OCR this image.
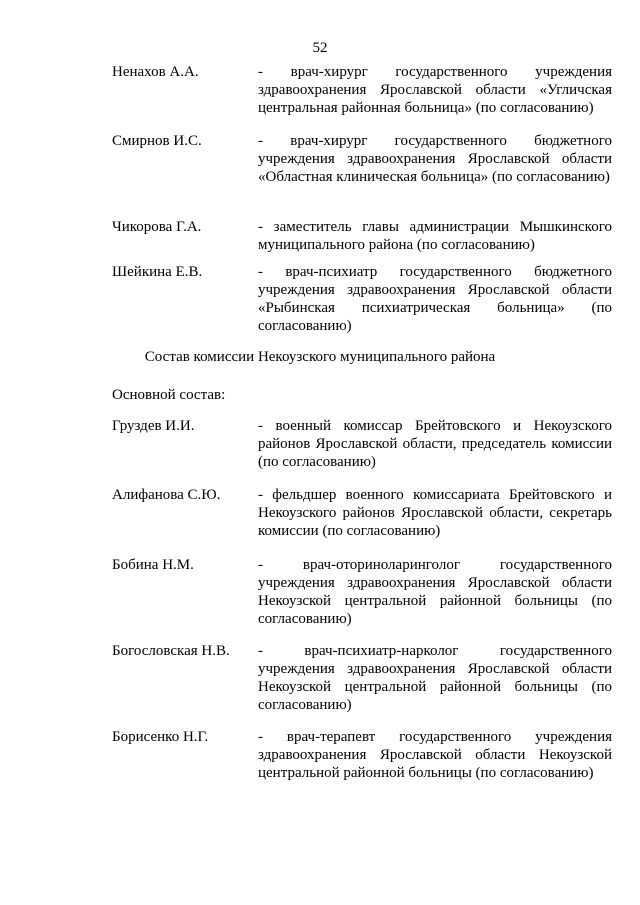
52
Ненахов А.А.	- врач-хирург государственного учреждения здравоохранения Ярославской области «Угличская центральная районная больница» (по согласованию)
Смирнов И.С.	- врач-хирург государственного бюджетного учреждения здравоохранения Ярославской области «Областная клиническая больница» (по согласованию)
Чикорова Г.А.	- заместитель главы администрации Мышкинского муниципального района (по согласованию)
Шейкина Е.В.	- врач-психиатр государственного бюджетного учреждения здравоохранения Ярославской области «Рыбинская психиатрическая больница» (по согласованию)
Состав комиссии Некоузского муниципального района
Основной состав:
Груздев И.И.	- военный комиссар Брейтовского и Некоузского районов Ярославской области, председатель комиссии (по согласованию)
Алифанова С.Ю.	- фельдшер военного комиссариата Брейтовского и Некоузского районов Ярославской области, секретарь комиссии (по согласованию)
Бобина Н.М.	- врач-оториноларинголог государственного учреждения здравоохранения Ярославской области Некоузской центральной районной больницы (по согласованию)
Богословская Н.В. - врач-психиатр-нарколог государственного учреждения здравоохранения Ярославской области Некоузской центральной районной больницы (по согласованию)
Борисенко Н.Г.	- врач-терапевт государственного учреждения здравоохранения Ярославской области Некоузской центральной районной больницы (по согласованию)
